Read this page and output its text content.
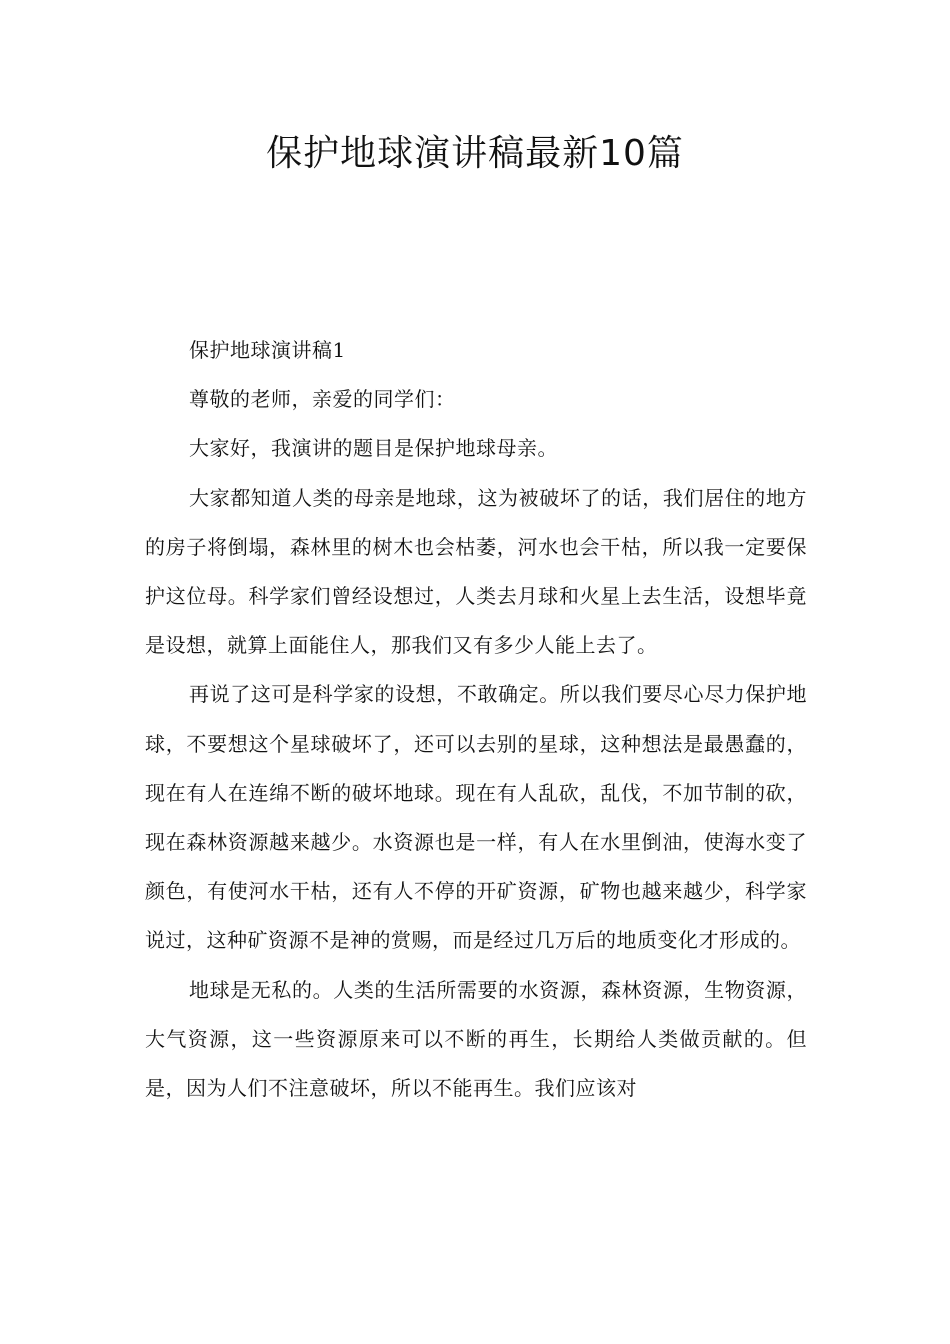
保护地球演讲稿最新10篇

保护地球演讲稿1

尊敬的老师，亲爱的同学们：

大家好，我演讲的题目是保护地球母亲。

大家都知道人类的母亲是地球，这为被破坏了的话，我们居住的地方的房子将倒塌，森林里的树木也会枯萎，河水也会干枯，所以我一定要保护这位母。科学家们曾经设想过，人类去月球和火星上去生活，设想毕竟是设想，就算上面能住人，那我们又有多少人能上去了。

再说了这可是科学家的设想，不敢确定。所以我们要尽心尽力保护地球，不要想这个星球破坏了，还可以去别的星球，这种想法是最愚蠢的，现在有人在连绵不断的破坏地球。现在有人乱砍，乱伐，不加节制的砍，现在森林资源越来越少。水资源也是一样，有人在水里倒油，使海水变了颜色，有使河水干枯，还有人不停的开矿资源，矿物也越来越少，科学家说过，这种矿资源不是神的赏赐，而是经过几万后的地质变化才形成的。

地球是无私的。人类的生活所需要的水资源，森林资源，生物资源，大气资源，这一些资源原来可以不断的再生，长期给人类做贡献的。但是，因为人们不注意破坏，所以不能再生。我们应该对
